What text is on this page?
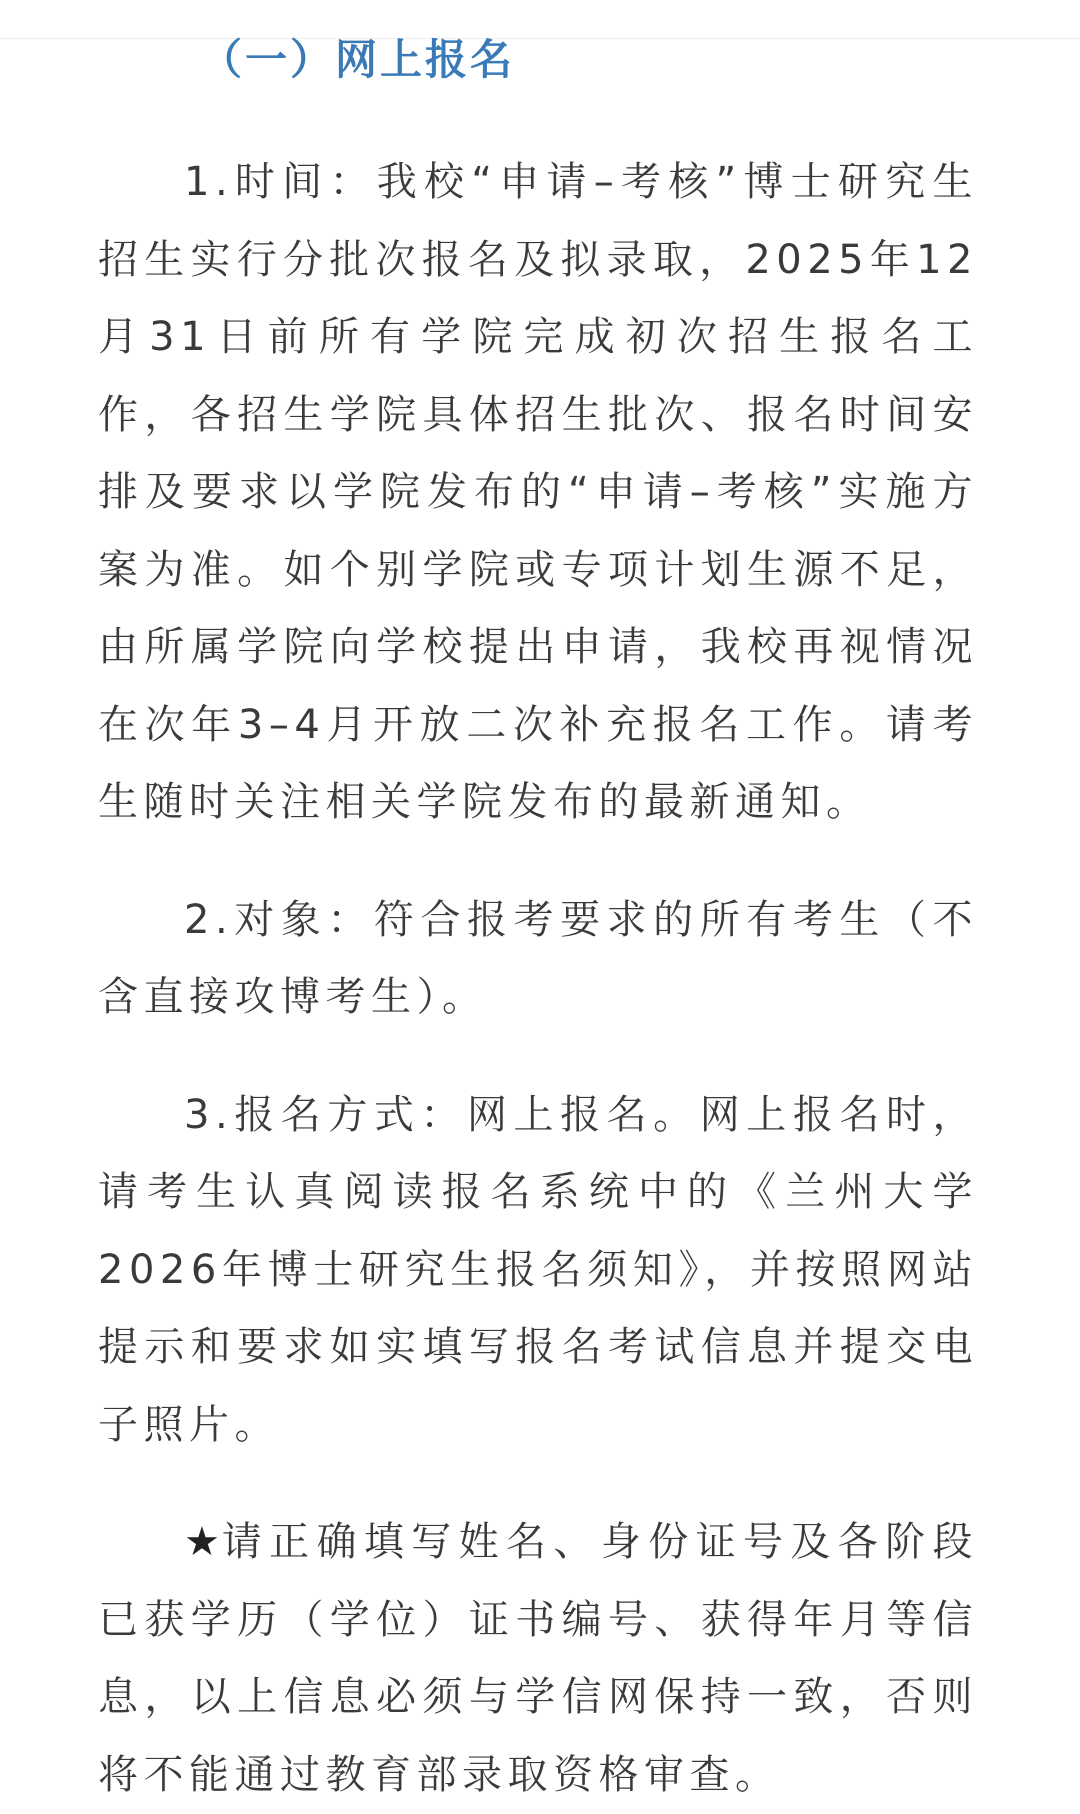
（一）网上报名

1.时间：我校“申请–考核”博士研究生招生实行分批次报名及拟录取，2025年12月31日前所有学院完成初次招生报名工作，各招生学院具体招生批次、报名时间安排及要求以学院发布的“申请–考核”实施方案为准。如个别学院或专项计划生源不足，由所属学院向学校提出申请，我校再视情况在次年3–4月开放二次补充报名工作。请考生随时关注相关学院发布的最新通知。

2.对象：符合报考要求的所有考生（不含直接攻博考生）。

3.报名方式：网上报名。网上报名时，请考生认真阅读报名系统中的《兰州大学2026年博士研究生报名须知》，并按照网站提示和要求如实填写报名考试信息并提交电子照片。

★请正确填写姓名、身份证号及各阶段已获学历（学位）证书编号、获得年月等信息，以上信息必须与学信网保持一致，否则将不能通过教育部录取资格审查。
